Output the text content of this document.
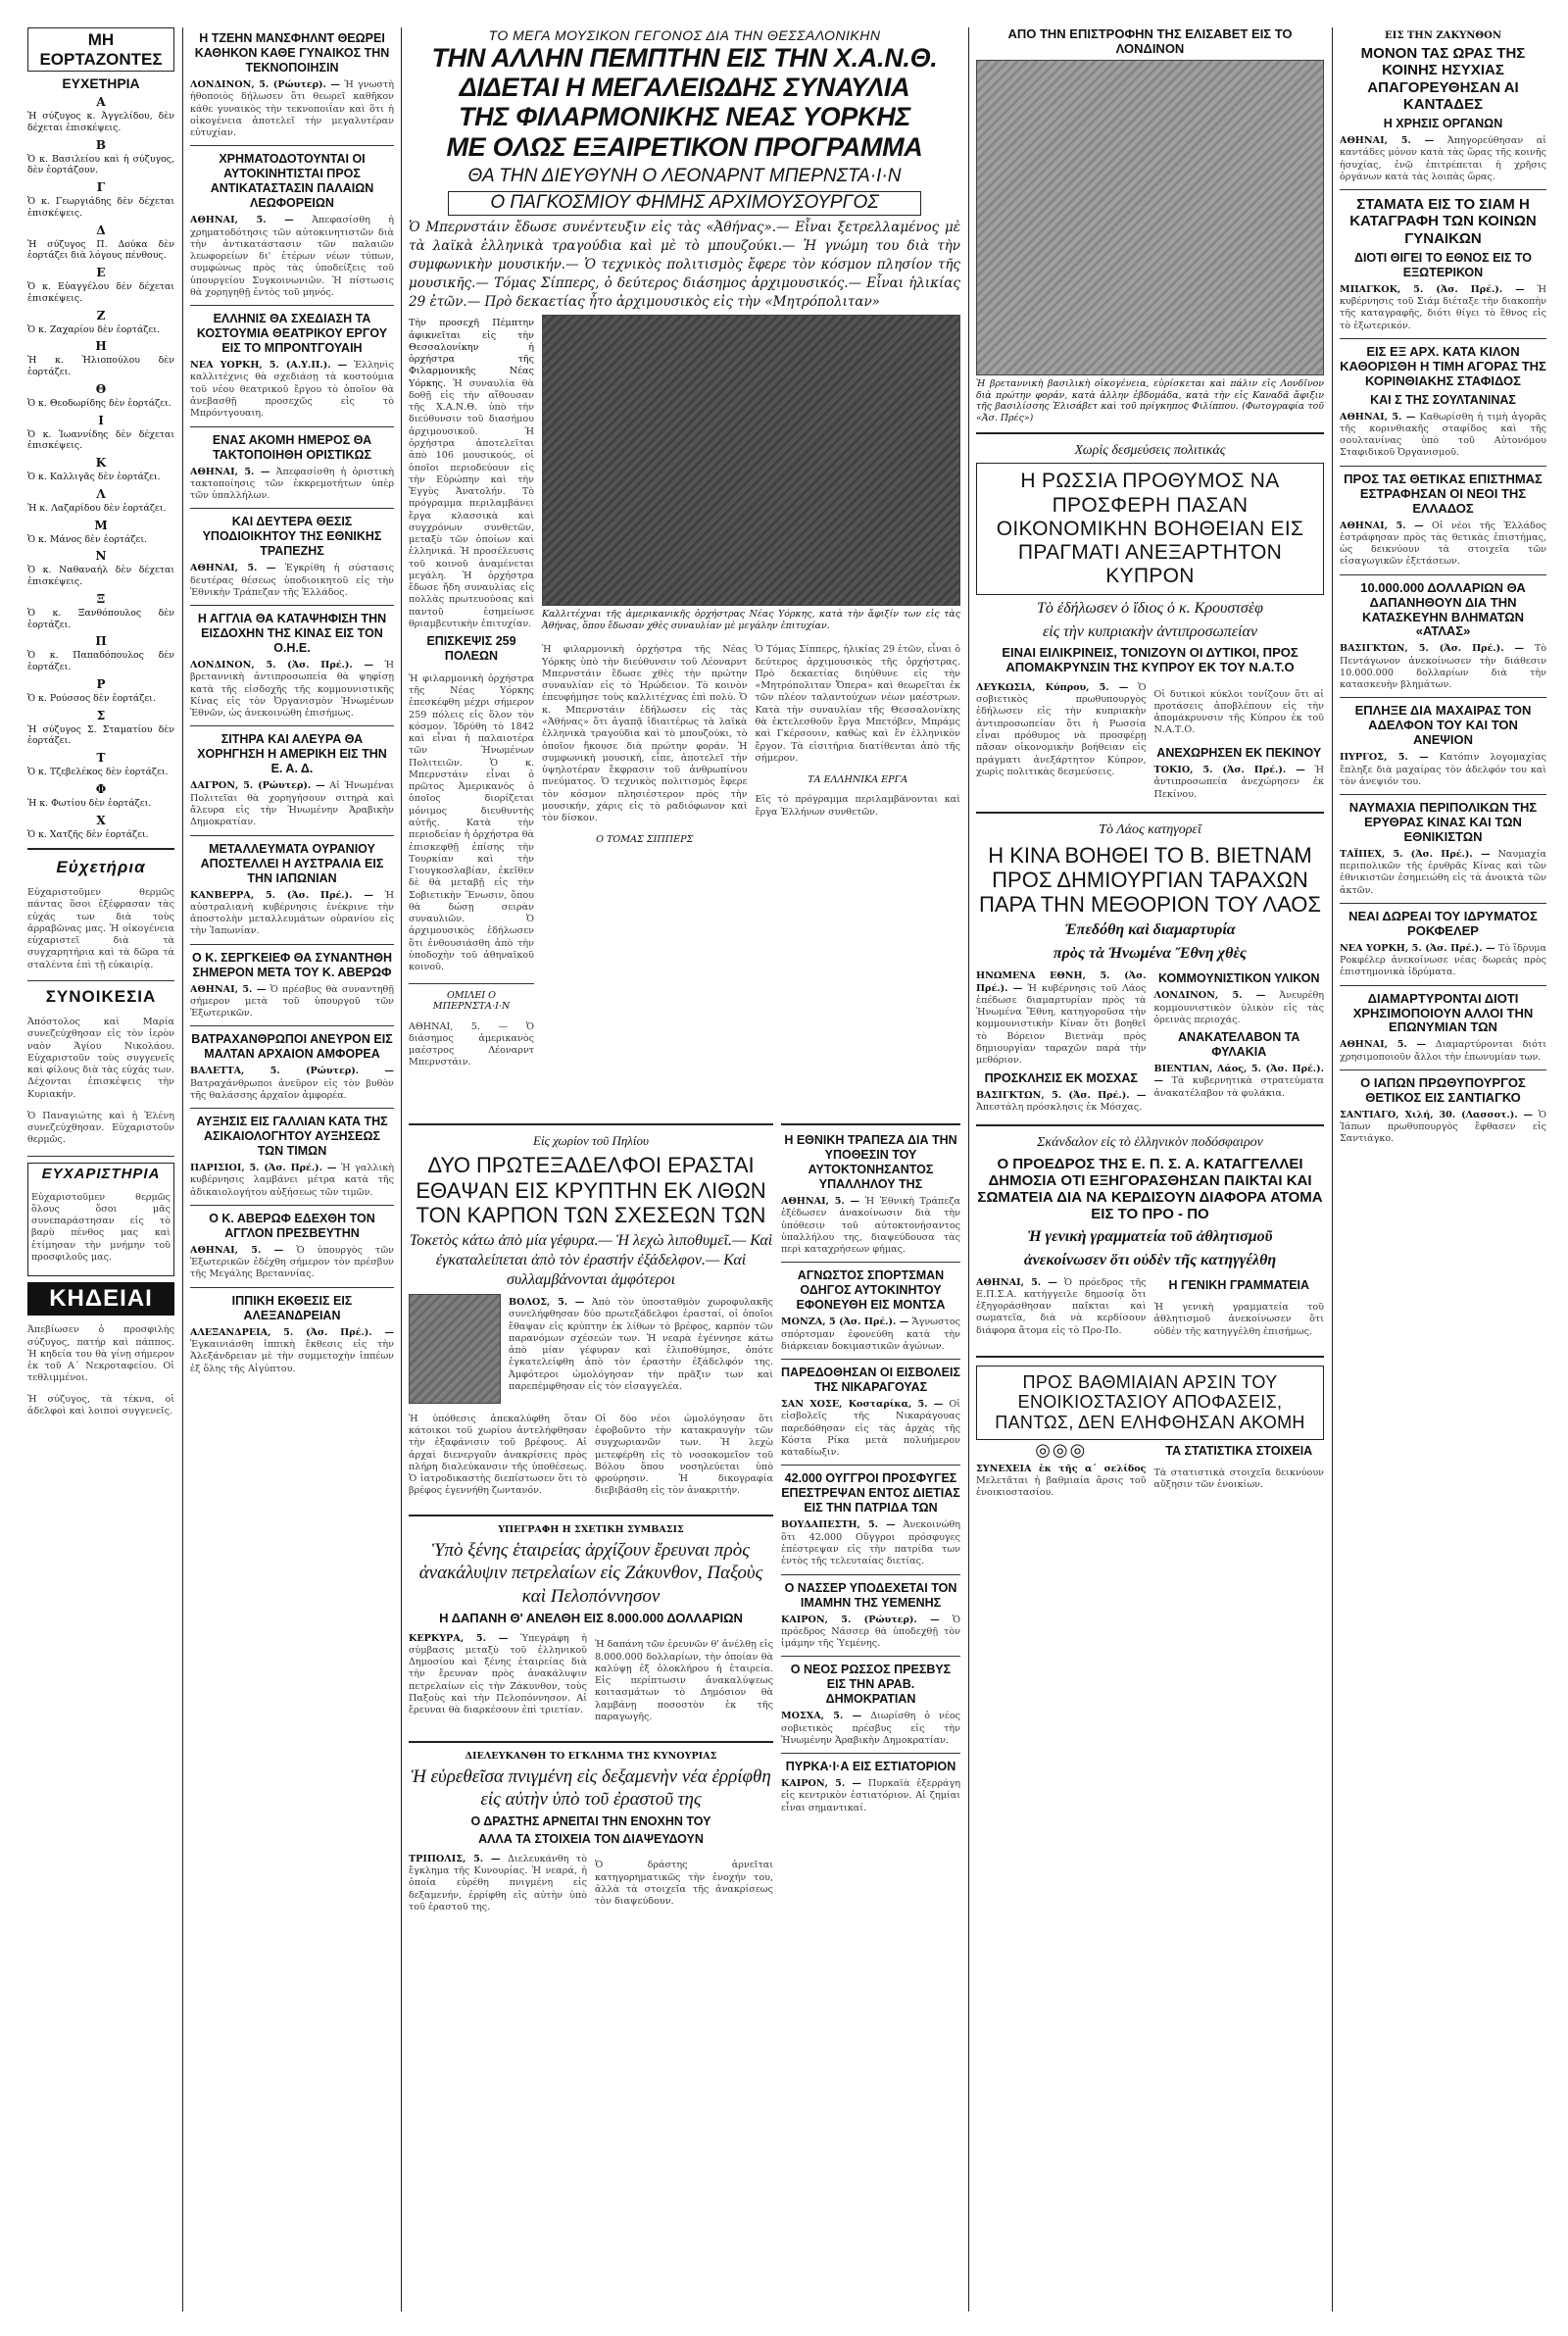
ΜΗ ΕΟΡΤΑΖΟΝΤΕΣ
ΕΥΧΕΤΗΡΙΑ
Α
Ἡ σύζυγος κ. Ἀγγελίδου, δὲν δέχεται ἐπισκέψεις.
Β
Ὁ κ. Βασιλείου καὶ ἡ σύζυγος, δὲν ἑορτάζουν.
Γ
Ὁ κ. Γεωργιάδης δὲν δέχεται ἐπισκέψεις.
Δ
Ἡ σύζυγος Π. Δούκα δὲν ἑορτάζει διὰ λόγους πένθους.
Ε
Ὁ κ. Εὐαγγέλου δὲν δέχεται ἐπισκέψεις.
Ζ
Ὁ κ. Ζαχαρίου δὲν ἑορτάζει.
Η
Ἡ κ. Ἠλιοπούλου δὲν ἑορτάζει.
Θ
Ὁ κ. Θεοδωρίδης δὲν ἑορτάζει.
Ι
Ὁ κ. Ἰωαννίδης δὲν δέχεται ἐπισκέψεις.
Κ
Ὁ κ. Καλλιγᾶς δὲν ἑορτάζει.
Λ
Ἡ κ. Λαζαρίδου δὲν ἑορτάζει.
Μ
Ὁ κ. Μάνος δὲν ἑορτάζει.
Ν
Ὁ κ. Ναθαναήλ δὲν δέχεται ἐπισκέψεις.
Ξ
Ὁ κ. Ξανθόπουλος δὲν ἑορτάζει.
Π
Ὁ κ. Παπαδόπουλος δὲν ἑορτάζει.
Ρ
Ὁ κ. Ρούσσος δὲν ἑορτάζει.
Σ
Ἡ σύζυγος Σ. Σταματίου δὲν ἑορτάζει.
Τ
Ὁ κ. Τζεβελέκος δὲν ἑορτάζει.
Φ
Ἡ κ. Φωτίου δὲν ἑορτάζει.
Χ
Ὁ κ. Χατζῆς δὲν ἑορτάζει.
Εὐχετήρια

Εὐχαριστοῦμεν θερμῶς πάντας ὅσοι ἐξέφρασαν τὰς εὐχάς των διὰ τοὺς ἀρραβῶνας μας. Ἡ οἰκογένεια εὐχαριστεῖ διὰ τὰ συγχαρητήρια καὶ τὰ δῶρα τὰ σταλέντα ἐπὶ τῇ εὐκαιρίᾳ.

ΣΥΝΟΙΚΕΣΙΑ

Ἀπόστολος καὶ Μαρία συνεζεύχθησαν εἰς τὸν ἱερὸν ναὸν Ἁγίου Νικολάου. Εὐχαριστοῦν τοὺς συγγενεῖς καὶ φίλους διὰ τὰς εὐχάς των. Δέχονται ἐπισκέψεις τὴν Κυριακήν.

Ὁ Παναγιώτης καὶ ἡ Ἑλένη συνεζεύχθησαν. Εὐχαριστοῦν θερμῶς.

ΕΥΧΑΡΙΣΤΗΡΙΑ

Εὐχαριστοῦμεν θερμῶς ὅλους ὅσοι μᾶς συνεπαράστησαν εἰς τὸ βαρὺ πένθος μας καὶ ἐτίμησαν τὴν μνήμην τοῦ προσφιλοῦς μας.

ΚΗΔΕΙΑΙ

Ἀπεβίωσεν ὁ προσφιλὴς σύζυγος, πατήρ καὶ πάππος. Ἡ κηδεία του θὰ γίνῃ σήμερον ἐκ τοῦ Α΄ Νεκροταφείου. Οἱ τεθλιμμένοι.

Ἡ σύζυγος, τὰ τέκνα, οἱ ἀδελφοὶ καὶ λοιποὶ συγγενεῖς.

Η ΤΖΕΗΝ ΜΑΝΣΦΗΛΝΤ ΘΕΩΡΕΙ ΚΑΘΗΚΟΝ ΚΑΘΕ ΓΥΝΑΙΚΟΣ ΤΗΝ ΤΕΚΝΟΠΟΙΗΣΙΝ

ΛΟΝΔΙΝΟΝ, 5. (Ρώυτερ). — Ἡ γνωστὴ ἠθοποιὸς δήλωσεν ὅτι θεωρεῖ καθῆκον κάθε γυναικὸς τὴν τεκνοποιΐαν καὶ ὅτι ἡ οἰκογένεια ἀποτελεῖ τὴν μεγαλυτέραν εὐτυχίαν.

ΧΡΗΜΑΤΟΔΟΤΟΥΝΤΑΙ ΟΙ ΑΥΤΟΚΙΝΗΤΙΣΤΑΙ ΠΡΟΣ ΑΝΤΙΚΑΤΑΣΤΑΣΙΝ ΠΑΛΑΙΩΝ ΛΕΩΦΟΡΕΙΩΝ

ΑΘΗΝΑΙ, 5. — Ἀπεφασίσθη ἡ χρηματοδότησις τῶν αὐτοκινητιστῶν διὰ τὴν ἀντικατάστασιν τῶν παλαιῶν λεωφορείων δι' ἑτέρων νέων τύπων, συμφώνως πρὸς τὰς ὑποδείξεις τοῦ ὑπουργείου Συγκοινωνιῶν. Ἡ πίστωσις θὰ χορηγηθῇ ἐντὸς τοῦ μηνός.

ΕΛΛΗΝΙΣ ΘΑ ΣΧΕΔΙΑΣΗ ΤΑ ΚΟΣΤΟΥΜΙΑ ΘΕΑΤΡΙΚΟΥ ΕΡΓΟΥ ΕΙΣ ΤΟ ΜΠΡΟΝΤΓΟΥΑΙΗ

ΝΕΑ ΥΟΡΚΗ, 5. (Α.Υ.Π.). — Ἑλληνὶς καλλιτέχνις θὰ σχεδιάσῃ τὰ κοστούμια τοῦ νέου θεατρικοῦ ἔργου τὸ ὁποῖον θὰ ἀνεβασθῇ προσεχῶς εἰς τὸ Μπρόντγουαιη.

ΕΝΑΣ ΑΚΟΜΗ ΗΜΕΡΟΣ ΘΑ ΤΑΚΤΟΠΟΙΗΘΗ ΟΡΙΣΤΙΚΩΣ

ΑΘΗΝΑΙ, 5. — Ἀπεφασίσθη ἡ ὁριστικὴ τακτοποίησις τῶν ἐκκρεμοτήτων ὑπὲρ τῶν ὑπαλλήλων.

ΚΑΙ ΔΕΥΤΕΡΑ ΘΕΣΙΣ ΥΠΟΔΙΟΙΚΗΤΟΥ ΤΗΣ ΕΘΝΙΚΗΣ ΤΡΑΠΕΖΗΣ

ΑΘΗΝΑΙ, 5. — Ἐγκρίθη ἡ σύστασις δευτέρας θέσεως ὑποδιοικητοῦ εἰς τὴν Ἐθνικὴν Τράπεζαν τῆς Ἑλλάδος.

Η ΑΓΓΛΙΑ ΘΑ ΚΑΤΑΨΗΦΙΣΗ ΤΗΝ ΕΙΣΔΟΧΗΝ ΤΗΣ ΚΙΝΑΣ ΕΙΣ ΤΟΝ Ο.Η.Ε.

ΛΟΝΔΙΝΟΝ, 5. (Ἀσ. Πρέ.). — Ἡ βρεταννικὴ ἀντιπροσωπεία θὰ ψηφίσῃ κατὰ τῆς εἰσδοχῆς τῆς κομμουνιστικῆς Κίνας εἰς τὸν Ὀργανισμὸν Ἡνωμένων Ἐθνῶν, ὡς ἀνεκοινώθη ἐπισήμως.

ΣΙΤΗΡΑ ΚΑΙ ΑΛΕΥΡΑ ΘΑ ΧΟΡΗΓΗΣΗ Η ΑΜΕΡΙΚΗ ΕΙΣ ΤΗΝ Ε. Α. Δ.

ΔΑΓΡΟΝ, 5. (Ρώυτερ). — Αἱ Ἡνωμέναι Πολιτεῖαι θὰ χορηγήσουν σιτηρὰ καὶ ἄλευρα εἰς τὴν Ἡνωμένην Ἀραβικὴν Δημοκρατίαν.

ΜΕΤΑΛΛΕΥΜΑΤΑ ΟΥΡΑΝΙΟΥ ΑΠΟΣΤΕΛΛΕΙ Η ΑΥΣΤΡΑΛΙΑ ΕΙΣ ΤΗΝ ΙΑΠΩΝΙΑΝ

ΚΑΝΒΕΡΡΑ, 5. (Ἀσ. Πρέ.). — Ἡ αὐστραλιανὴ κυβέρνησις ἐνέκρινε τὴν ἀποστολὴν μεταλλευμάτων οὐρανίου εἰς τὴν Ἰαπωνίαν.

Ο Κ. ΣΕΡΓΚΕΙΕΦ ΘΑ ΣΥΝΑΝΤΗΘΗ ΣΗΜΕΡΟΝ ΜΕΤΑ ΤΟΥ Κ. ΑΒΕΡΩΦ

ΑΘΗΝΑΙ, 5. — Ὁ πρέσβυς θὰ συναντηθῇ σήμερον μετὰ τοῦ ὑπουργοῦ τῶν Ἐξωτερικῶν.

ΒΑΤΡΑΧΑΝΘΡΩΠΟΙ ΑΝΕΥΡΟΝ ΕΙΣ ΜΑΛΤΑΝ ΑΡΧΑΙΟΝ ΑΜΦΟΡΕΑ

ΒΑΛΕΤΤΑ, 5. (Ρώυτερ). — Βατραχάνθρωποι ἀνεῦρον εἰς τὸν βυθὸν τῆς θαλάσσης ἀρχαῖον ἀμφορέα.

ΑΥΞΗΣΙΣ ΕΙΣ ΓΑΛΛΙΑΝ ΚΑΤΑ ΤΗΣ ΑΣΙΚΑΙΟΛΟΓΗΤΟΥ ΑΥΞΗΣΕΩΣ ΤΩΝ ΤΙΜΩΝ

ΠΑΡΙΣΙΟΙ, 5. (Ἀσ. Πρέ.). — Ἡ γαλλικὴ κυβέρνησις λαμβάνει μέτρα κατὰ τῆς ἀδικαιολογήτου αὐξήσεως τῶν τιμῶν.

Ο Κ. ΑΒΕΡΩΦ ΕΔΕΧΘΗ ΤΟΝ ΑΓΓΛΟΝ ΠΡΕΣΒΕΥΤΗΝ

ΑΘΗΝΑΙ, 5. — Ὁ ὑπουργὸς τῶν Ἐξωτερικῶν ἐδέχθη σήμερον τὸν πρέσβυν τῆς Μεγάλης Βρεταννίας.

ΙΠΠΙΚΗ ΕΚΘΕΣΙΣ ΕΙΣ ΑΛΕΞΑΝΔΡΕΙΑΝ

ΑΛΕΞΑΝΔΡΕΙΑ, 5. (Ἀσ. Πρέ.). — Ἐγκαινιάσθη ἱππικὴ ἔκθεσις εἰς τὴν Ἀλεξάνδρειαν μὲ τὴν συμμετοχὴν ἱππέων ἐξ ὅλης τῆς Αἰγύπτου.

ΤΟ ΜΕΓΑ ΜΟΥΣΙΚΟΝ ΓΕΓΟΝΟΣ ΔΙΑ ΤΗΝ ΘΕΣΣΑΛΟΝΙΚΗΝ
ΤΗΝ ΑΛΛΗΝ ΠΕΜΠΤΗΝ ΕΙΣ ΤΗΝ Χ.Α.Ν.Θ.
ΔΙΔΕΤΑΙ Η ΜΕΓΑΛΕΙΩΔΗΣ ΣΥΝΑΥΛΙΑ
ΤΗΣ ΦΙΛΑΡΜΟΝΙΚΗΣ ΝΕΑΣ ΥΟΡΚΗΣ
ΜΕ ΟΛΩΣ ΕΞΑΙΡΕΤΙΚΟΝ ΠΡΟΓΡΑΜΜΑ
ΘΑ ΤΗΝ ΔΙΕΥΘΥΝΗ Ο ΛΕΟΝΑΡΝΤ ΜΠΕΡΝΣΤΑ·Ι·Ν
Ο ΠΑΓΚΟΣΜΙΟΥ ΦΗΜΗΣ ΑΡΧΙΜΟΥΣΟΥΡΓΟΣ

Ὁ Μπερνστάιν ἔδωσε συνέντευξιν εἰς τὰς «Ἀθήνας».— Εἶναι ξετρελλαμένος μὲ τὰ λαϊκὰ ἑλληνικὰ τραγούδια καὶ μὲ τὸ μπουζούκι.— Ἡ γνώμη του διὰ τὴν συμφωνικὴν μουσικήν.— Ὁ τεχνικὸς πολιτισμὸς ἔφερε τὸν κόσμον πλησίον τῆς μουσικῆς.— Τόμας Σίππερς, ὁ δεύτερος διάσημος ἀρχιμουσικός.— Εἶναι ἡλικίας 29 ἐτῶν.— Πρὸ δεκαετίας ἦτο ἀρχιμουσικὸς εἰς τὴν «Μητρόπολιταν»

Τὴν προσεχῆ Πέμπτην ἀφικνεῖται εἰς τὴν Θεσσαλονίκην ἡ ὀρχήστρα τῆς Φιλαρμονικῆς Νέας Υόρκης. Ἡ συναυλία θὰ δοθῇ εἰς τὴν αἴθουσαν τῆς Χ.Α.Ν.Θ. ὑπὸ τὴν διεύθυνσιν τοῦ διασήμου ἀρχιμουσικοῦ. Ἡ ὀρχήστρα ἀποτελεῖται ἀπὸ 106 μουσικούς, οἱ ὁποῖοι περιοδεύουν εἰς τὴν Εὐρώπην καὶ τὴν Ἐγγὺς Ἀνατολήν. Τὸ πρόγραμμα περιλαμβάνει ἔργα κλασσικὰ καὶ συγχρόνων συνθετῶν, μεταξὺ τῶν ὁποίων καὶ ἑλληνικά. Ἡ προσέλευσις τοῦ κοινοῦ ἀναμένεται μεγάλη. Ἡ ὀρχήστρα ἔδωσε ἤδη συναυλίας εἰς πολλὰς πρωτευούσας καὶ παντοῦ ἐσημείωσε θριαμβευτικὴν ἐπιτυχίαν.

ΕΠΙΣΚΕΨΙΣ 259 ΠΟΛΕΩΝ

Ἡ φιλαρμονικὴ ὀρχήστρα τῆς Νέας Υόρκης ἐπεσκέφθη μέχρι σήμερον 259 πόλεις εἰς ὅλον τὸν κόσμον. Ἰδρύθη τὸ 1842 καὶ εἶναι ἡ παλαιοτέρα τῶν Ἡνωμένων Πολιτειῶν. Ὁ κ. Μπερνστάιν εἶναι ὁ πρῶτος Ἀμερικανὸς ὁ ὁποῖος διορίζεται μόνιμος διευθυντὴς αὐτῆς. Κατὰ τὴν περιοδείαν ἡ ὀρχήστρα θὰ ἐπισκεφθῇ ἐπίσης τὴν Τουρκίαν καὶ τὴν Γιουγκοσλαβίαν, ἐκεῖθεν δὲ θὰ μεταβῇ εἰς τὴν Σοβιετικὴν Ἕνωσιν, ὅπου θὰ δώσῃ σειρὰν συναυλιῶν. Ὁ ἀρχιμουσικὸς ἐδήλωσεν ὅτι ἐνθουσιάσθη ἀπὸ τὴν ὑποδοχὴν τοῦ ἀθηναϊκοῦ κοινοῦ.

ΟΜΙΛΕΙ Ο ΜΠΕΡΝΣΤΑ·Ι·Ν

ΑΘΗΝΑΙ, 5. — Ὁ διάσημος ἀμερικανὸς μαέστρος Λέοναρντ Μπερνστάιν.

Καλλιτέχναι τῆς ἀμερικανικῆς ὀρχήστρας Νέας Υόρκης, κατὰ τὴν ἄφιξίν των εἰς τὰς Ἀθήνας, ὅπου ἔδωσαν χθὲς συναυλίαν μὲ μεγάλην ἐπιτυχίαν.

Ἡ φιλαρμονικὴ ὀρχήστρα τῆς Νέας Υόρκης ὑπὸ τὴν διεύθυνσιν τοῦ Λέοναρντ Μπερνστάιν ἔδωσε χθὲς τὴν πρώτην συναυλίαν εἰς τὸ Ἡρώδειον. Τὸ κοινὸν ἐπευφήμησε τοὺς καλλιτέχνας ἐπὶ πολύ. Ὁ κ. Μπερνστάιν ἐδήλωσεν εἰς τὰς «Ἀθήνας» ὅτι ἀγαπᾷ ἰδιαιτέρως τὰ λαϊκὰ ἑλληνικὰ τραγούδια καὶ τὸ μπουζούκι, τὸ ὁποῖον ἤκουσε διὰ πρώτην φοράν. Ἡ συμφωνικὴ μουσική, εἶπε, ἀποτελεῖ τὴν ὑψηλοτέραν ἔκφρασιν τοῦ ἀνθρωπίνου πνεύματος. Ὁ τεχνικὸς πολιτισμὸς ἔφερε τὸν κόσμον πλησιέστερον πρὸς τὴν μουσικήν, χάρις εἰς τὸ ραδιόφωνον καὶ τὸν δίσκον.

Ο ΤΟΜΑΣ ΣΙΠΠΕΡΣ

Ὁ Τόμας Σίππερς, ἡλικίας 29 ἐτῶν, εἶναι ὁ δεύτερος ἀρχιμουσικὸς τῆς ὀρχήστρας. Πρὸ δεκαετίας διηύθυνε εἰς τὴν «Μητρόπολιταν Ὄπερα» καὶ θεωρεῖται ἐκ τῶν πλέον ταλαντούχων νέων μαέστρων. Κατὰ τὴν συναυλίαν τῆς Θεσσαλονίκης θὰ ἐκτελεσθοῦν ἔργα Μπετόβεν, Μπράμς καὶ Γκέρσουιν, καθὼς καὶ ἕν ἑλληνικὸν ἔργον. Τὰ εἰσιτήρια διατίθενται ἀπὸ τῆς σήμερον.

ΤΑ ΕΛΛΗΝΙΚΑ ΕΡΓΑ

Εἰς τὸ πρόγραμμα περιλαμβάνονται καὶ ἔργα Ἑλλήνων συνθετῶν.

Εἰς χωρίον τοῦ Πηλίου
ΔΥΟ ΠΡΩΤΕΞΑΔΕΛΦΟΙ ΕΡΑΣΤΑΙ ΕΘΑΨΑΝ ΕΙΣ ΚΡΥΠΤΗΝ ΕΚ ΛΙΘΩΝ ΤΟΝ ΚΑΡΠΟΝ ΤΩΝ ΣΧΕΣΕΩΝ ΤΩΝ
Τοκετὸς κάτω ἀπὸ μία γέφυρα.— Ἡ λεχὼ λιποθυμεῖ.— Καὶ ἐγκαταλείπεται ἀπὸ τὸν ἐραστήν ἐξάδελφον.— Καὶ συλλαμβάνονται ἀμφότεροι

ΒΟΛΟΣ, 5. — Ἀπὸ τὸν ὑποσταθμὸν χωροφυλακῆς συνελήφθησαν δύο πρωτεξάδελφοι ἐρασταί, οἱ ὁποῖοι ἔθαψαν εἰς κρύπτην ἐκ λίθων τὸ βρέφος, καρπὸν τῶν παρανόμων σχέσεών των. Ἡ νεαρὰ ἐγέννησε κάτω ἀπὸ μίαν γέφυραν καὶ ἐλιποθύμησε, ὁπότε ἐγκατελείφθη ἀπὸ τὸν ἐραστὴν ἐξάδελφόν της. Ἀμφότεροι ὡμολόγησαν τὴν πρᾶξιν των καὶ παρεπέμφθησαν εἰς τὸν εἰσαγγελέα.

Ἡ ὑπόθεσις ἀπεκαλύφθη ὅταν κάτοικοι τοῦ χωρίου ἀντελήφθησαν τὴν ἐξαφάνισιν τοῦ βρέφους. Αἱ ἀρχαὶ διενεργοῦν ἀνακρίσεις πρὸς πλήρη διαλεύκανσιν τῆς ὑποθέσεως. Ὁ ἰατροδικαστὴς διεπίστωσεν ὅτι τὸ βρέφος ἐγεννήθη ζωντανόν.

Οἱ δύο νέοι ὡμολόγησαν ὅτι ἐφοβοῦντο τὴν κατακραυγὴν τῶν συγχωριανῶν των. Ἡ λεχὼ μετεφέρθη εἰς τὸ νοσοκομεῖον τοῦ Βόλου ὅπου νοσηλεύεται ὑπὸ φρούρησιν. Ἡ δικογραφία διεβιβάσθη εἰς τὸν ἀνακριτήν.

ΥΠΕΓΡΑΦΗ Η ΣΧΕΤΙΚΗ ΣΥΜΒΑΣΙΣ
Ὑπὸ ξένης ἑταιρείας ἀρχίζουν ἔρευναι πρὸς ἀνακάλυψιν πετρελαίων εἰς Ζάκυνθον, Παξοὺς καὶ Πελοπόννησον
Η ΔΑΠΑΝΗ Θ' ΑΝΕΛΘΗ ΕΙΣ 8.000.000 ΔΟΛΛΑΡΙΩΝ

ΚΕΡΚΥΡΑ, 5. — Ὑπεγράφη ἡ σύμβασις μεταξὺ τοῦ ἑλληνικοῦ Δημοσίου καὶ ξένης ἑταιρείας διὰ τὴν ἔρευναν πρὸς ἀνακάλυψιν πετρελαίων εἰς τὴν Ζάκυνθον, τοὺς Παξοὺς καὶ τὴν Πελοπόννησον. Αἱ ἔρευναι θὰ διαρκέσουν ἐπὶ τριετίαν.

Ἡ δαπάνη τῶν ἐρευνῶν θ' ἀνέλθῃ εἰς 8.000.000 δολλαρίων, τὴν ὁποίαν θὰ καλύψῃ ἐξ ὁλοκλήρου ἡ ἑταιρεία. Εἰς περίπτωσιν ἀνακαλύψεως κοιτασμάτων τὸ Δημόσιον θὰ λαμβάνῃ ποσοστὸν ἐκ τῆς παραγωγῆς.

ΔΙΕΛΕΥΚΑΝΘΗ ΤΟ ΕΓΚΛΗΜΑ ΤΗΣ ΚΥΝΟΥΡΙΑΣ
Ἡ εὑρεθεῖσα πνιγμένη εἰς δεξαμενὴν νέα ἐρρίφθη εἰς αὐτὴν ὑπὸ τοῦ ἐραστοῦ της
Ο ΔΡΑΣΤΗΣ ΑΡΝΕΙΤΑΙ ΤΗΝ ΕΝΟΧΗΝ ΤΟΥ
ΑΛΛΑ ΤΑ ΣΤΟΙΧΕΙΑ ΤΟΝ ΔΙΑΨΕΥΔΟΥΝ

ΤΡΙΠΟΛΙΣ, 5. — Διελευκάνθη τὸ ἔγκλημα τῆς Κυνουρίας. Ἡ νεαρά, ἡ ὁποία εὑρέθη πνιγμένη εἰς δεξαμενήν, ἐρρίφθη εἰς αὐτὴν ὑπὸ τοῦ ἐραστοῦ της.

Ὁ δράστης ἀρνεῖται κατηγορηματικῶς τὴν ἐνοχήν του, ἀλλὰ τὰ στοιχεῖα τῆς ἀνακρίσεως τὸν διαψεύδουν.

Η ΕΘΝΙΚΗ ΤΡΑΠΕΖΑ ΔΙΑ ΤΗΝ ΥΠΟΘΕΣΙΝ ΤΟΥ ΑΥΤΟΚΤΟΝΗΣΑΝΤΟΣ ΥΠΑΛΛΗΛΟΥ ΤΗΣ

ΑΘΗΝΑΙ, 5. — Ἡ Ἐθνικὴ Τράπεζα ἐξέδωσεν ἀνακοίνωσιν διὰ τὴν ὑπόθεσιν τοῦ αὐτοκτονήσαντος ὑπαλλήλου της, διαψεύδουσα τὰς περὶ καταχρήσεων φήμας.

ΑΓΝΩΣΤΟΣ ΣΠΟΡΤΣΜΑΝ ΟΔΗΓΟΣ ΑΥΤΟΚΙΝΗΤΟΥ ΕΦΟΝΕΥΘΗ ΕΙΣ ΜΟΝΤΣΑ

ΜΟΝΖΑ, 5 (Ἀσ. Πρέ.). — Ἄγνωστος σπόρτσμαν ἐφονεύθη κατὰ τὴν διάρκειαν δοκιμαστικῶν ἀγώνων.

ΠΑΡΕΔΟΘΗΣΑΝ ΟΙ ΕΙΣΒΟΛΕΙΣ ΤΗΣ ΝΙΚΑΡΑΓΟΥΑΣ

ΣΑΝ ΧΟΣΕ, Κοσταρίκα, 5. — Οἱ εἰσβολεῖς τῆς Νικαράγουας παρεδόθησαν εἰς τὰς ἀρχὰς τῆς Κόστα Ρίκα μετὰ πολυήμερον καταδίωξιν.

42.000 ΟΥΓΓΡΟΙ ΠΡΟΣΦΥΓΕΣ ΕΠΕΣΤΡΕΨΑΝ ΕΝΤΟΣ ΔΙΕΤΙΑΣ ΕΙΣ ΤΗΝ ΠΑΤΡΙΔΑ ΤΩΝ

ΒΟΥΔΑΠΕΣΤΗ, 5. — Ἀνεκοινώθη ὅτι 42.000 Οὔγγροι πρόσφυγες ἐπέστρεψαν εἰς τὴν πατρίδα των ἐντὸς τῆς τελευταίας διετίας.

Ο ΝΑΣΣΕΡ ΥΠΟΔΕΧΕΤΑΙ ΤΟΝ ΙΜΑΜΗΝ ΤΗΣ ΥΕΜΕΝΗΣ

ΚΑΙΡΟΝ, 5. (Ρώυτερ). — Ὁ πρόεδρος Νάσσερ θὰ ὑποδεχθῇ τὸν ἰμάμην τῆς Ὑεμένης.

Ο ΝΕΟΣ ΡΩΣΣΟΣ ΠΡΕΣΒΥΣ ΕΙΣ ΤΗΝ ΑΡΑΒ. ΔΗΜΟΚΡΑΤΙΑΝ

ΜΟΣΧΑ, 5. — Διωρίσθη ὁ νέος σοβιετικὸς πρέσβυς εἰς τὴν Ἡνωμένην Ἀραβικὴν Δημοκρατίαν.

ΠΥΡΚΑ·Ι·Α ΕΙΣ ΕΣΤΙΑΤΟΡΙΟΝ

ΚΑΙΡΟΝ, 5. — Πυρκαϊὰ ἐξερράγη εἰς κεντρικὸν ἑστιατόριον. Αἱ ζημίαι εἶναι σημαντικαί.

ΑΠΟ ΤΗΝ ΕΠΙΣΤΡΟΦΗΝ ΤΗΣ ΕΛΙΣΑΒΕΤ ΕΙΣ ΤΟ ΛΟΝΔΙΝΟΝ

Ἡ βρεταννικὴ βασιλικὴ οἰκογένεια, εὑρίσκεται καὶ πάλιν εἰς Λονδῖνον διὰ πρώτην φοράν, κατὰ ἀλλην ἑβδομάδα, κατὰ τὴν εἰς Καναδᾶ ἄφιξιν τῆς βασιλίσσης Ἐλισάβετ καὶ τοῦ πρίγκηπος Φιλίππου. (Φωτογραφία τοῦ «Ἀσ. Πρές»)

Χωρὶς δεσμεύσεις πολιτικάς
Η ΡΩΣΣΙΑ ΠΡΟΘΥΜΟΣ ΝΑ ΠΡΟΣΦΕΡΗ ΠΑΣΑΝ ΟΙΚΟΝΟΜΙΚΗΝ ΒΟΗΘΕΙΑΝ ΕΙΣ ΠΡΑΓΜΑΤΙ ΑΝΕΞΑΡΤΗΤΟΝ ΚΥΠΡΟΝ
Τὸ ἐδήλωσεν ὁ ἴδιος ὁ κ. Κρουστσὲφ
εἰς τὴν κυπριακὴν ἀντιπροσωπείαν
ΕΙΝΑΙ ΕΙΛΙΚΡΙΝΕΙΣ, ΤΟΝΙΖΟΥΝ ΟΙ ΔΥΤΙΚΟΙ, ΠΡΟΣ ΑΠΟΜΑΚΡΥΝΣΙΝ ΤΗΣ ΚΥΠΡΟΥ ΕΚ ΤΟΥ Ν.Α.Τ.Ο

ΛΕΥΚΩΣΙΑ, Κύπρου, 5. — Ὁ σοβιετικὸς πρωθυπουργὸς ἐδήλωσεν εἰς τὴν κυπριακὴν ἀντιπροσωπείαν ὅτι ἡ Ρωσσία εἶναι πρόθυμος νὰ προσφέρῃ πᾶσαν οἰκονομικὴν βοήθειαν εἰς πράγματι ἀνεξάρτητον Κύπρον, χωρὶς πολιτικὰς δεσμεύσεις.

Οἱ δυτικοὶ κύκλοι τονίζουν ὅτι αἱ προτάσεις ἀποβλέπουν εἰς τὴν ἀπομάκρυνσιν τῆς Κύπρου ἐκ τοῦ Ν.Α.Τ.Ο.

ΑΝΕΧΩΡΗΣΕΝ ΕΚ ΠΕΚΙΝΟΥ

ΤΟΚΙΟ, 5. (Ἀσ. Πρέ.). — Ἡ ἀντιπροσωπεία ἀνεχώρησεν ἐκ Πεκίνου.

Τὸ Λάος κατηγορεῖ
Η ΚΙΝΑ ΒΟΗΘΕΙ ΤΟ Β. ΒΙΕΤΝΑΜ ΠΡΟΣ ΔΗΜΙΟΥΡΓΙΑΝ ΤΑΡΑΧΩΝ ΠΑΡΑ ΤΗΝ ΜΕΘΟΡΙΟΝ ΤΟΥ ΛΑΟΣ
Ἐπεδόθη καὶ διαμαρτυρία
πρὸς τὰ Ἡνωμένα Ἔθνη χθὲς

ΗΝΩΜΕΝΑ ΕΘΝΗ, 5. (Ἀσ. Πρέ.). — Ἡ κυβέρνησις τοῦ Λάος ἐπέδωσε διαμαρτυρίαν πρὸς τὰ Ἡνωμένα Ἔθνη, κατηγοροῦσα τὴν κομμουνιστικὴν Κίναν ὅτι βοηθεῖ τὸ Βόρειον Βιετνὰμ πρὸς δημιουργίαν ταραχῶν παρὰ τὴν μεθόριον.

ΠΡΟΣΚΛΗΣΙΣ ΕΚ ΜΟΣΧΑΣ

ΒΑΣΙΓΚΤΩΝ, 5. (Ἀσ. Πρέ.). — Ἀπεστάλη πρόσκλησις ἐκ Μόσχας.

ΚΟΜΜΟΥΝΙΣΤΙΚΟΝ ΥΛΙΚΟΝ

ΛΟΝΔΙΝΟΝ, 5. — Ἀνευρέθη κομμουνιστικὸν ὑλικὸν εἰς τὰς ὀρεινὰς περιοχάς.

ΑΝΑΚΑΤΕΛΑΒΟΝ ΤΑ ΦΥΛΑΚΙΑ

ΒΙΕΝΤΙΑΝ, Λάος, 5. (Ἀσ. Πρέ.). — Τὰ κυβερνητικὰ στρατεύματα ἀνακατέλαβον τὰ φυλάκια.

Σκάνδαλον εἰς τὸ ἑλληνικὸν ποδόσφαιρον
Ο ΠΡΟΕΔΡΟΣ ΤΗΣ Ε. Π. Σ. Α. ΚΑΤΑΓΓΕΛΛΕΙ ΔΗΜΟΣΙΑ ΟΤΙ ΕΞΗΓΟΡΑΣΘΗΣΑΝ ΠΑΙΚΤΑΙ ΚΑΙ ΣΩΜΑΤΕΙΑ ΔΙΑ ΝΑ ΚΕΡΔΙΣΟΥΝ ΔΙΑΦΟΡΑ ΑΤΟΜΑ ΕΙΣ ΤΟ ΠΡΟ - ΠΟ
Ἡ γενικὴ γραμματεία τοῦ ἀθλητισμοῦ
ἀνεκοίνωσεν ὅτι οὐδὲν τῆς κατηγγέλθη

ΑΘΗΝΑΙ, 5. — Ὁ πρόεδρος τῆς Ε.Π.Σ.Α. κατήγγειλε δημοσίᾳ ὅτι ἐξηγοράσθησαν παῖκται καὶ σωματεῖα, διὰ νὰ κερδίσουν διάφορα ἄτομα εἰς τὸ Προ-Πο.

Η ΓΕΝΙΚΗ ΓΡΑΜΜΑΤΕΙΑ

Ἡ γενικὴ γραμματεία τοῦ ἀθλητισμοῦ ἀνεκοίνωσεν ὅτι οὐδὲν τῆς κατηγγέλθη ἐπισήμως.

ΠΡΟΣ ΒΑΘΜΙΑΙΑΝ ΑΡΣΙΝ ΤΟΥ ΕΝΟΙΚΙΟΣΤΑΣΙΟΥ ΑΠΟΦΑΣΕΙΣ, ΠΑΝΤΩΣ, ΔΕΝ ΕΛΗΦΘΗΣΑΝ ΑΚΟΜΗ
◎◎◎

ΣΥΝΕΧΕΙΑ ἐκ τῆς α΄ σελίδος Μελετᾶται ἡ βαθμιαία ἄρσις τοῦ ἐνοικιοστασίου.

ΤΑ ΣΤΑΤΙΣΤΙΚΑ ΣΤΟΙΧΕΙΑ

Τὰ στατιστικὰ στοιχεῖα δεικνύουν αὔξησιν τῶν ἐνοικίων.

ΕΙΣ ΤΗΝ ΖΑΚΥΝΘΟΝ
ΜΟΝΟΝ ΤΑΣ ΩΡΑΣ ΤΗΣ ΚΟΙΝΗΣ ΗΣΥΧΙΑΣ ΑΠΑΓΟΡΕΥΘΗΣΑΝ ΑΙ ΚΑΝΤΑΔΕΣ
Η ΧΡΗΣΙΣ ΟΡΓΑΝΩΝ

ΑΘΗΝΑΙ, 5. — Ἀπηγορεύθησαν αἱ καντάδες μόνον κατὰ τὰς ὥρας τῆς κοινῆς ἡσυχίας, ἐνῷ ἐπιτρέπεται ἡ χρῆσις ὀργάνων κατὰ τὰς λοιπὰς ὥρας.

ΣΤΑΜΑΤΑ ΕΙΣ ΤΟ ΣΙΑΜ Η ΚΑΤΑΓΡΑΦΗ ΤΩΝ ΚΟΙΝΩΝ ΓΥΝΑΙΚΩΝ
ΔΙΟΤΙ ΘΙΓΕΙ ΤΟ ΕΘΝΟΣ ΕΙΣ ΤΟ ΕΞΩΤΕΡΙΚΟΝ

ΜΠΑΓΚΟΚ, 5. (Ἀσ. Πρέ.). — Ἡ κυβέρνησις τοῦ Σιάμ διέταξε τὴν διακοπὴν τῆς καταγραφῆς, διότι θίγει τὸ ἔθνος εἰς τὸ ἐξωτερικόν.

ΕΙΣ ΕΞ ΑΡΧ. ΚΑΤΑ ΚΙΛΟΝ ΚΑΘΟΡΙΣΘΗ Η ΤΙΜΗ ΑΓΟΡΑΣ ΤΗΣ ΚΟΡΙΝΘΙΑΚΗΣ ΣΤΑΦΙΔΟΣ
ΚΑΙ Σ ΤΗΣ ΣΟΥΛΤΑΝΙΝΑΣ

ΑΘΗΝΑΙ, 5. — Καθωρίσθη ἡ τιμὴ ἀγορᾶς τῆς κορινθιακῆς σταφίδος καὶ τῆς σουλτανίνας ὑπὸ τοῦ Αὐτονόμου Σταφιδικοῦ Ὀργανισμοῦ.

ΠΡΟΣ ΤΑΣ ΘΕΤΙΚΑΣ ΕΠΙΣΤΗΜΑΣ ΕΣΤΡΑΦΗΣΑΝ ΟΙ ΝΕΟΙ ΤΗΣ ΕΛΛΑΔΟΣ

ΑΘΗΝΑΙ, 5. — Οἱ νέοι τῆς Ἑλλάδος ἐστράφησαν πρὸς τὰς θετικὰς ἐπιστήμας, ὡς δεικνύουν τὰ στοιχεῖα τῶν εἰσαγωγικῶν ἐξετάσεων.

10.000.000 ΔΟΛΛΑΡΙΩΝ ΘΑ ΔΑΠΑΝΗΘΟΥΝ ΔΙΑ ΤΗΝ ΚΑΤΑΣΚΕΥΗΝ ΒΛΗΜΑΤΩΝ «ΑΤΛΑΣ»

ΒΑΣΙΓΚΤΩΝ, 5. (Ἀσ. Πρέ.). — Τὸ Πεντάγωνον ἀνεκοίνωσεν τὴν διάθεσιν 10.000.000 δολλαρίων διὰ τὴν κατασκευὴν βλημάτων.

ΕΠΛΗΞΕ ΔΙΑ ΜΑΧΑΙΡΑΣ ΤΟΝ ΑΔΕΛΦΟΝ ΤΟΥ ΚΑΙ ΤΟΝ ΑΝΕΨΙΟΝ

ΠΥΡΓΟΣ, 5. — Κατόπιν λογομαχίας ἔπληξε διὰ μαχαίρας τὸν ἀδελφόν του καὶ τὸν ἀνεψιόν του.

ΝΑΥΜΑΧΙΑ ΠΕΡΙΠΟΛΙΚΩΝ ΤΗΣ ΕΡΥΘΡΑΣ ΚΙΝΑΣ ΚΑΙ ΤΩΝ ΕΘΝΙΚΙΣΤΩΝ

ΤΑΪΠΕΧ, 5. (Ἀσ. Πρέ.). — Ναυμαχία περιπολικῶν τῆς ἐρυθρᾶς Κίνας καὶ τῶν ἐθνικιστῶν ἐσημειώθη εἰς τὰ ἀνοικτὰ τῶν ἀκτῶν.

ΝΕΑΙ ΔΩΡΕΑΙ ΤΟΥ ΙΔΡΥΜΑΤΟΣ ΡΟΚΦΕΛΕΡ

ΝΕΑ ΥΟΡΚΗ, 5. (Ἀσ. Πρέ.). — Τὸ ἵδρυμα Ροκφέλερ ἀνεκοίνωσε νέας δωρεὰς πρὸς ἐπιστημονικὰ ἱδρύματα.

ΔΙΑΜΑΡΤΥΡΟΝΤΑΙ ΔΙΟΤΙ ΧΡΗΣΙΜΟΠΟΙΟΥΝ ΑΛΛΟΙ ΤΗΝ ΕΠΩΝΥΜΙΑΝ ΤΩΝ

ΑΘΗΝΑΙ, 5. — Διαμαρτύρονται διότι χρησιμοποιοῦν ἄλλοι τὴν ἐπωνυμίαν των.

Ο ΙΑΠΩΝ ΠΡΩΘΥΠΟΥΡΓΟΣ ΘΕΤΙΚΟΣ ΕΙΣ ΣΑΝΤΙΑΓΚΟ

ΣΑΝΤΙΑΓΟ, Χιλή, 30. (Λασσοτ.). — Ὁ Ἰάπων πρωθυπουργὸς ἔφθασεν εἰς Σαντιάγκο.
